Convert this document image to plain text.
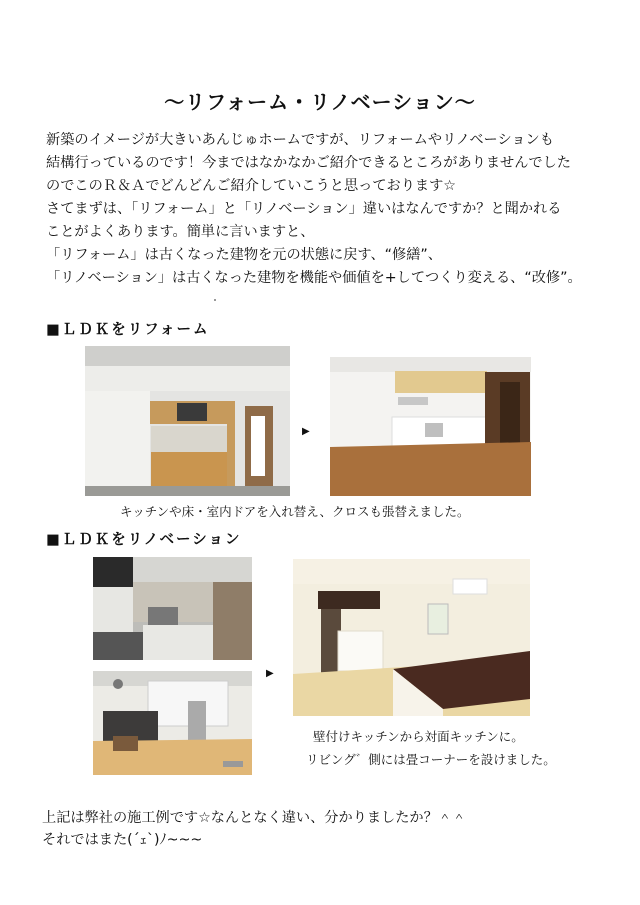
～リフォーム・リノベーション～
新築のイメージが大きいあんじゅホームですが、リフォームやリノベーションも
結構行っているのです！今まではなかなかご紹介できるところがありませんでした
のでこのＲ＆Ａでどんどんご紹介していこうと思っております☆
さてまずは、「リフォーム」と「リノベーション」違いはなんですか？と聞かれる
ことがよくあります。簡単に言いますと、
「リフォーム」は古くなった建物を元の状態に戻す、“修繕”、
「リノベーション」は古くなった建物を機能や価値を+してつくり変える、“改修”。
■ＬＤＫをリフォーム
▶
キッチンや床・室内ドアを入れ替え、クロスも張替えました。
■ＬＤＫをリノベーション
▶
壁付けキッチンから対面キッチンに。
リビング゛側には畳コーナーを設けました。
上記は弊社の施工例です☆なんとなく違い、分かりましたか？＾＾
それではまた(´ｪ`)ﾉ~~~
